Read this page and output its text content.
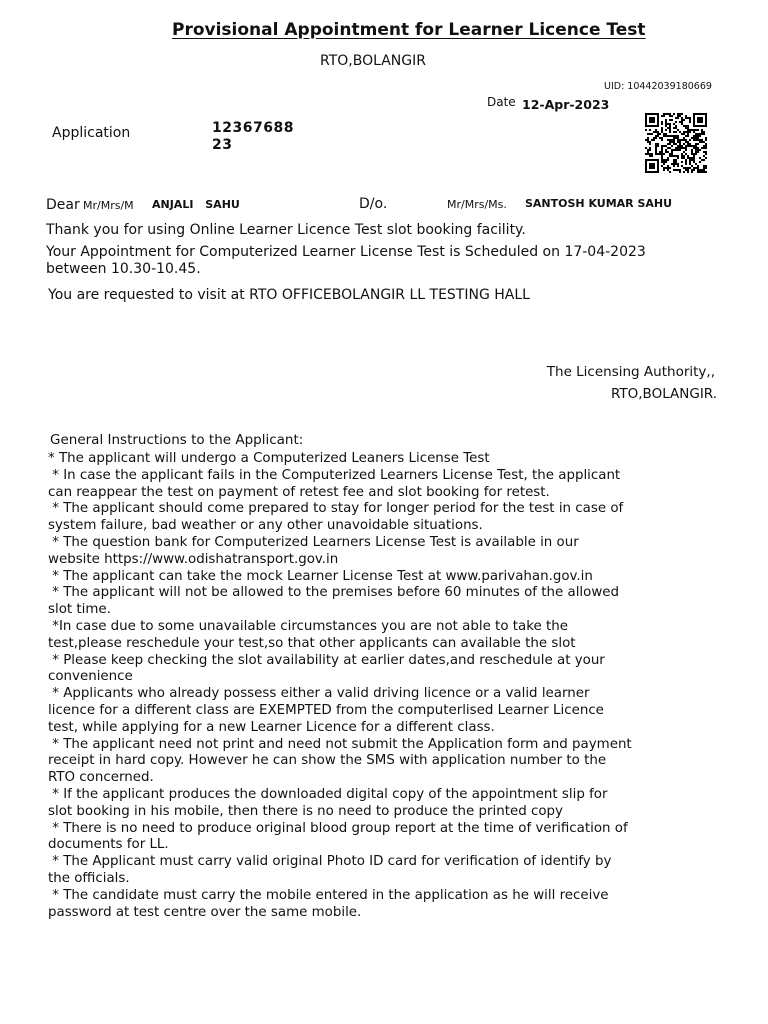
Provisional Appointment for Learner Licence Test
RTO,BOLANGIR
UID: 10442039180669
Date 12-Apr-2023
Application	1236768823
Dear Mr/Mrs/M ANJALI SAHU	D/o.	Mr/Mrs/Ms. SANTOSH KUMAR SAHU
Thank you for using Online Learner Licence Test slot booking facility.
Your Appointment for Computerized Learner License Test is Scheduled on 17-04-2023
between 10.30-10.45.
You are requested to visit at RTO OFFICEBOLANGIR LL TESTING HALL
The Licensing Authority,,
RTO,BOLANGIR.
General Instructions to the Applicant:
* The applicant will undergo a Computerized Leaners License Test
* In case the applicant fails in the Computerized Learners License Test, the applicant
can reappear the test on payment of retest fee and slot booking for retest.
* The applicant should come prepared to stay for longer period for the test in case of
system failure, bad weather or any other unavoidable situations.
* The question bank for Computerized Learners License Test is available in our
website https://www.odishatransport.gov.in
* The applicant can take the mock Learner License Test at www.parivahan.gov.in
* The applicant will not be allowed to the premises before 60 minutes of the allowed
slot time.
*In case due to some unavailable circumstances you are not able to take the
test,please reschedule your test,so that other applicants can available the slot
* Please keep checking the slot availability at earlier dates,and reschedule at your
convenience
* Applicants who already possess either a valid driving licence or a valid learner
licence for a different class are EXEMPTED from the computerlised Learner Licence
test, while applying for a new Learner Licence for a different class.
* The applicant need not print and need not submit the Application form and payment
receipt in hard copy. However he can show the SMS with application number to the
RTO concerned.
* If the applicant produces the downloaded digital copy of the appointment slip for
slot booking in his mobile, then there is no need to produce the printed copy
* There is no need to produce original blood group report at the time of verification of
documents for LL.
* The Applicant must carry valid original Photo ID card for verification of identify by
the officials.
* The candidate must carry the mobile entered in the application as he will receive
password at test centre over the same mobile.
